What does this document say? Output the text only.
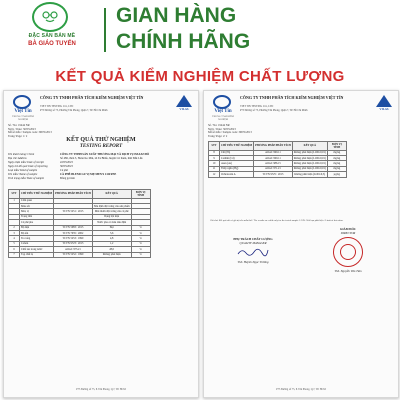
ĐẶC SẢN BẢN MỀ
BÀ GIÁO TUYẾN
GIAN HÀNG
CHÍNH HÃNG
KẾT QUẢ KIỂM NGHIỆM CHẤT LƯỢNG
Việt Tín
TRUNG TÂM KIỂM NGHIỆM
CÔNG TY TNHH PHÂN TÍCH KIỂM NGHIỆM VIỆT TÍN
VIET TIN TESTING CO., LTD
P75 Đường số 75, Phường Tân Phong, Quận 7, TP. Hồ Chí Minh	VILAS
Số / No: 19444 NR
Ngày / Date: 30/03/2023
Mã số mẫu / Sample code: 30679.2013
Trang/ Page: 1/ 2
KẾT QUẢ THỬ NGHIỆM
TESTING REPORT
Tên khách hàng/ Client	CÔNG TY TNHH SẢN XUẤT THƯƠNG MẠI VÀ DỊCH VỤ HAZAN BÒ
Địa chỉ/ Address	Số 486, thôn 3, Hoàn Ko Mùi, xã Ea Bhốk, huyện Cư Kuin, tỉnh Đắk Lắk
Ngày nhận mẫu/ Date of receipt	22/03/2023
Ngày trả kết quả/ Date of reporting	30/03/2023
Loại mẫu/ Kind of sample	Cà phê
Tên mẫu/ Name of sample	CÀ PHÊ BLEND GU VỊ MẸ MEN'S COFFEE
Tình trạng mẫu/ State of sample	Đồng gói kín
STT	CHỈ TIÊU THỬ NGHIỆM	PHƯƠNG PHÁP PHÂN TÍCH	KẾT QUẢ	ĐƠN VỊ TÍNH
1	Cảm quan			
	Màu sắc		Nâu đậm đặc trưng của sản phẩm	
	Mùi, vị	TCVN 5251 : 2015	Mùi thơm đặc trưng của cà phê	
	Trạng thái		Dạng bột mịn	
	Cà phê pha		Nước pha có màu nâu đậm	
2	Độ mịn	TCVN 5083 : 2015	Đạt	%
3	Độ ẩm	TCVN 7035 : 2002	3,6	%
4	Tro tổng	TCVN 5253 : 1990	4,8	%
5	Cafein	TCVN 9723 : 2013	1,2	%
6	Chất tan trong nước	AOAC 973.21	28,0	%
7	Tạp chất lạ	TCVN 5252 : 1990	Không phát hiện	%
P75 Đường số 75, P. Tân Phong, Q.7, TP. HCM
Việt Tín
TRUNG TÂM KIỂM NGHIỆM
CÔNG TY TNHH PHÂN TÍCH KIỂM NGHIỆM VIỆT TÍN
VIET TIN TESTING CO., LTD
P75 Đường số 75, Phường Tân Phong, Quận 7, TP. Hồ Chí Minh	VILAS
Số / No: 19444 NR
Ngày / Date: 30/03/2023
Mã số mẫu / Sample code: 30679.2013
Trang/ Page: 2/ 2
STT	CHỈ TIÊU THỬ NGHIỆM	PHƯƠNG PHÁP PHÂN TÍCH	KẾT QUẢ	ĐƠN VỊ TÍNH
8	Chì (Pb)	AOAC 999.11	Không phát hiện (LOD=0,01)	mg/kg
9	Cadimi (Cd)	AOAC 999.11	Không phát hiện (LOD=0,01)	mg/kg
10	Asen (As)	AOAC 986.15	Không phát hiện (LOD=0,01)	mg/kg
11	Thủy ngân (Hg)	AOAC 971.21	Không phát hiện (LOD=0,01)	mg/kg
12	Ochratoxin A	TCVN 9725 : 2013	Không phát hiện (LOD=0,5)	µg/kg
Ghi chú: Kết quả chỉ có giá trị trên mẫu thử / The results are valid only for the tested sample. LOD: Giới hạn phát hiện / Limit of detection.
PHỤ TRÁCH CHẤT LƯỢNG
QUALITY MANAGER
ThS. Huỳnh Ngọc Trường
GIÁM ĐỐC
DIRECTOR
ThS. Nguyễn Văn Tâm
P75 Đường số 75, P. Tân Phong, Q.7, TP. HCM
